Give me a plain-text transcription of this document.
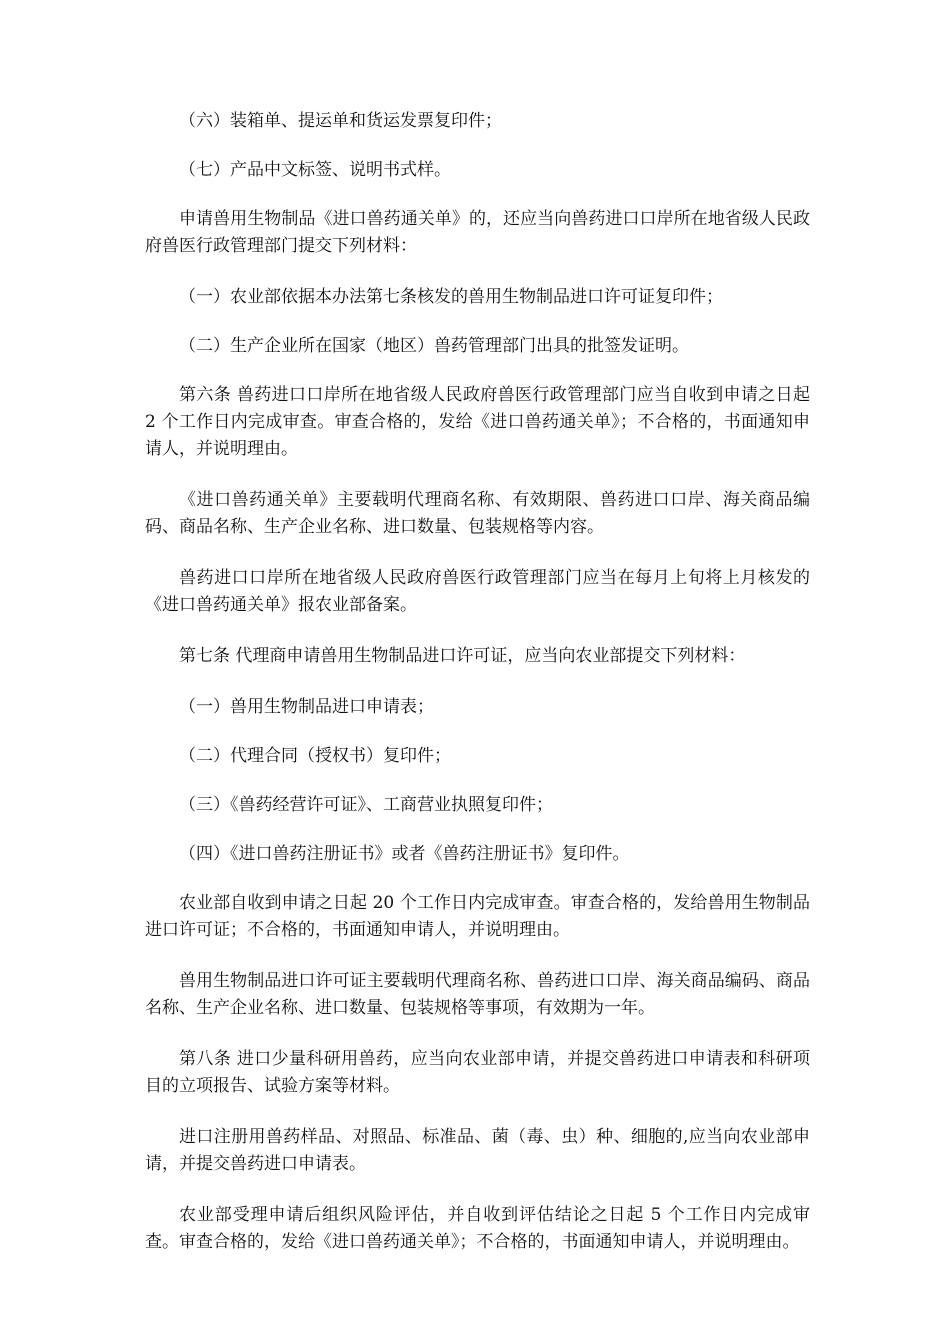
（六）装箱单、提运单和货运发票复印件；

（七）产品中文标签、说明书式样。

申请兽用生物制品《进口兽药通关单》的，还应当向兽药进口口岸所在地省级人民政府兽医行政管理部门提交下列材料：

（一）农业部依据本办法第七条核发的兽用生物制品进口许可证复印件；

（二）生产企业所在国家（地区）兽药管理部门出具的批签发证明。

第六条 兽药进口口岸所在地省级人民政府兽医行政管理部门应当自收到申请之日起 2 个工作日内完成审查。审查合格的，发给《进口兽药通关单》；不合格的，书面通知申请人，并说明理由。

《进口兽药通关单》主要载明代理商名称、有效期限、兽药进口口岸、海关商品编码、商品名称、生产企业名称、进口数量、包装规格等内容。

兽药进口口岸所在地省级人民政府兽医行政管理部门应当在每月上旬将上月核发的《进口兽药通关单》报农业部备案。

第七条 代理商申请兽用生物制品进口许可证，应当向农业部提交下列材料：

（一）兽用生物制品进口申请表；

（二）代理合同（授权书）复印件；

（三）《兽药经营许可证》、工商营业执照复印件；

（四）《进口兽药注册证书》或者《兽药注册证书》复印件。

农业部自收到申请之日起 20 个工作日内完成审查。审查合格的，发给兽用生物制品进口许可证；不合格的，书面通知申请人，并说明理由。

兽用生物制品进口许可证主要载明代理商名称、兽药进口口岸、海关商品编码、商品名称、生产企业名称、进口数量、包装规格等事项，有效期为一年。

第八条 进口少量科研用兽药，应当向农业部申请，并提交兽药进口申请表和科研项目的立项报告、试验方案等材料。

进口注册用兽药样品、对照品、标准品、菌（毒、虫）种、细胞的,应当向农业部申请，并提交兽药进口申请表。

农业部受理申请后组织风险评估，并自收到评估结论之日起 5 个工作日内完成审查。审查合格的，发给《进口兽药通关单》；不合格的，书面通知申请人，并说明理由。
